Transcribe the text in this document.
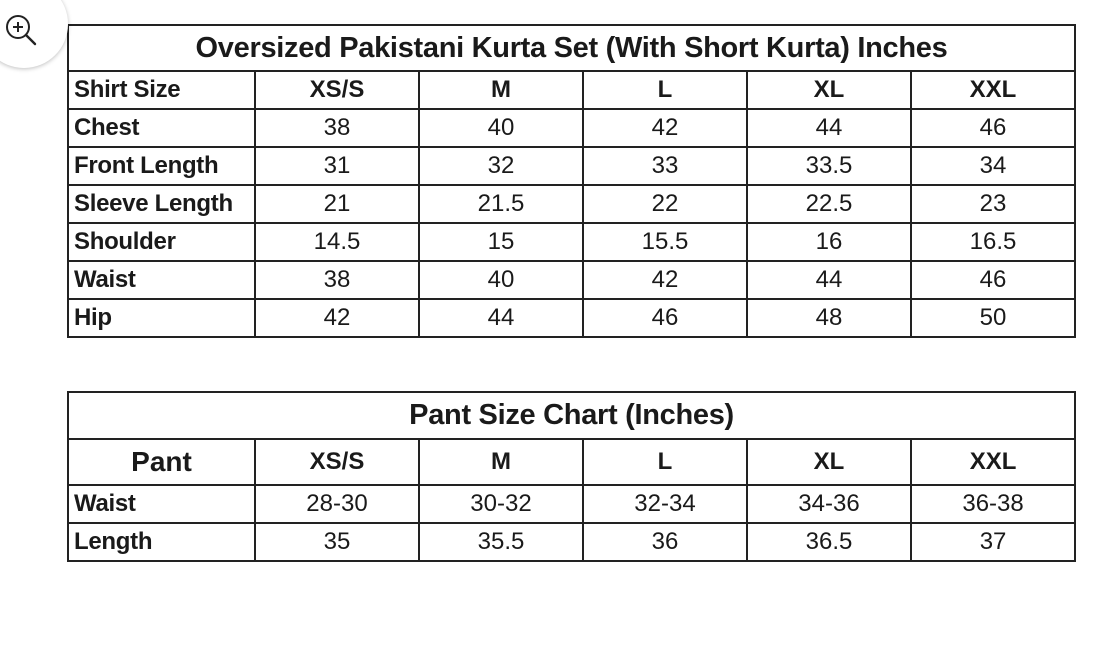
Oversized Pakistani Kurta Set (With Short Kurta) Inches					
Shirt Size	XS/S	M	L	XL	XXL
Chest	38	40	42	44	46
Front Length	31	32	33	33.5	34
Sleeve Length	21	21.5	22	22.5	23
Shoulder	14.5	15	15.5	16	16.5
Waist	38	40	42	44	46
Hip	42	44	46	48	50
Pant Size Chart (Inches)					
Pant	XS/S	M	L	XL	XXL
Waist	28-30	30-32	32-34	34-36	36-38
Length	35	35.5	36	36.5	37
